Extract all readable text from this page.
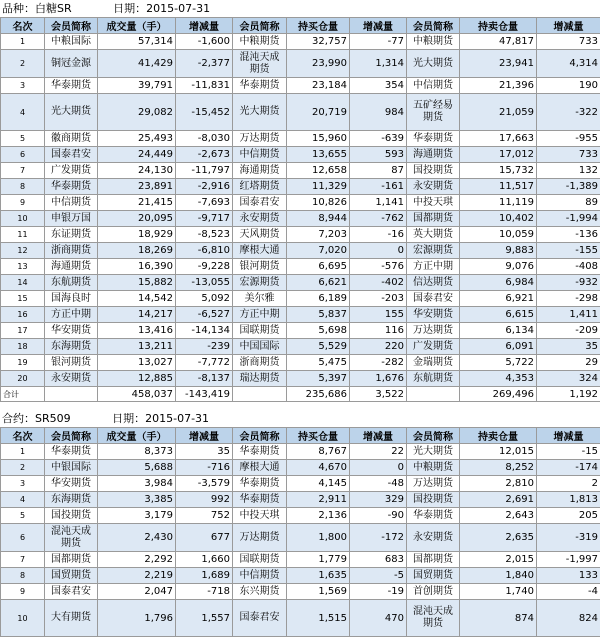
品种：白糖SR	日期：2015-07-31
名次	会员简称	成交量（手）	增减量	会员简称	持买仓量	增减量	会员简称	持卖仓量	增减量
1	中粮国际	57,314	-1,600	中粮期货	32,757	-77	中粮期货	47,817	733
2	铜冠金源	41,429	-2,377	混沌天成期货	23,990	1,314	光大期货	23,941	4,314
3	华泰期货	39,791	-11,831	华泰期货	23,184	354	中信期货	21,396	190
4	光大期货	29,082	-15,452	光大期货	20,719	984	五矿经易期货	21,059	-322
5	徽商期货	25,493	-8,030	万达期货	15,960	-639	华泰期货	17,663	-955
6	国泰君安	24,449	-2,673	中信期货	13,655	593	海通期货	17,012	733
7	广发期货	24,130	-11,797	海通期货	12,658	87	国投期货	15,732	132
8	华泰期货	23,891	-2,916	红塔期货	11,329	-161	永安期货	11,517	-1,389
9	中信期货	21,415	-7,693	国泰君安	10,826	1,141	中投天琪	11,119	89
10	申银万国	20,095	-9,717	永安期货	8,944	-762	国都期货	10,402	-1,994
11	东证期货	18,929	-8,523	天风期货	7,203	-16	英大期货	10,059	-136
12	浙商期货	18,269	-6,810	摩根大通	7,020	0	宏源期货	9,883	-155
13	海通期货	16,390	-9,228	银河期货	6,695	-576	方正中期	9,076	-408
14	东航期货	15,882	-13,055	宏源期货	6,621	-402	信达期货	6,984	-932
15	国海良时	14,542	5,092	美尔雅	6,189	-203	国泰君安	6,921	-298
16	方正中期	14,217	-6,527	方正中期	5,837	155	华安期货	6,615	1,411
17	华安期货	13,416	-14,134	国联期货	5,698	116	万达期货	6,134	-209
18	东海期货	13,211	-239	中国国际	5,529	220	广发期货	6,091	35
19	银河期货	13,027	-7,772	浙商期货	5,475	-282	金瑞期货	5,722	29
20	永安期货	12,885	-8,137	瑞达期货	5,397	1,676	东航期货	4,353	324
合计		458,037	-143,419		235,686	3,522		269,496	1,192
合约：SR509	日期：2015-07-31
名次	会员简称	成交量（手）	增减量	会员简称	持买仓量	增减量	会员简称	持卖仓量	增减量
1	华泰期货	8,373	35	华泰期货	8,767	22	光大期货	12,015	-15
2	中银国际	5,688	-716	摩根大通	4,670	0	中粮期货	8,252	-174
3	华安期货	3,984	-3,579	华泰期货	4,145	-48	万达期货	2,810	2
4	东海期货	3,385	992	华泰期货	2,911	329	国投期货	2,691	1,813
5	国投期货	3,179	752	中投天琪	2,136	-90	华泰期货	2,643	205
6	混沌天成期货	2,430	677	万达期货	1,800	-172	永安期货	2,635	-319
7	国都期货	2,292	1,660	国联期货	1,779	683	国都期货	2,015	-1,997
8	国贸期货	2,219	1,689	中信期货	1,635	-5	国贸期货	1,840	133
9	国泰君安	2,047	-718	东兴期货	1,569	-19	首创期货	1,740	-4
10	大有期货	1,796	1,557	国泰君安	1,515	470	混沌天成期货	874	824
